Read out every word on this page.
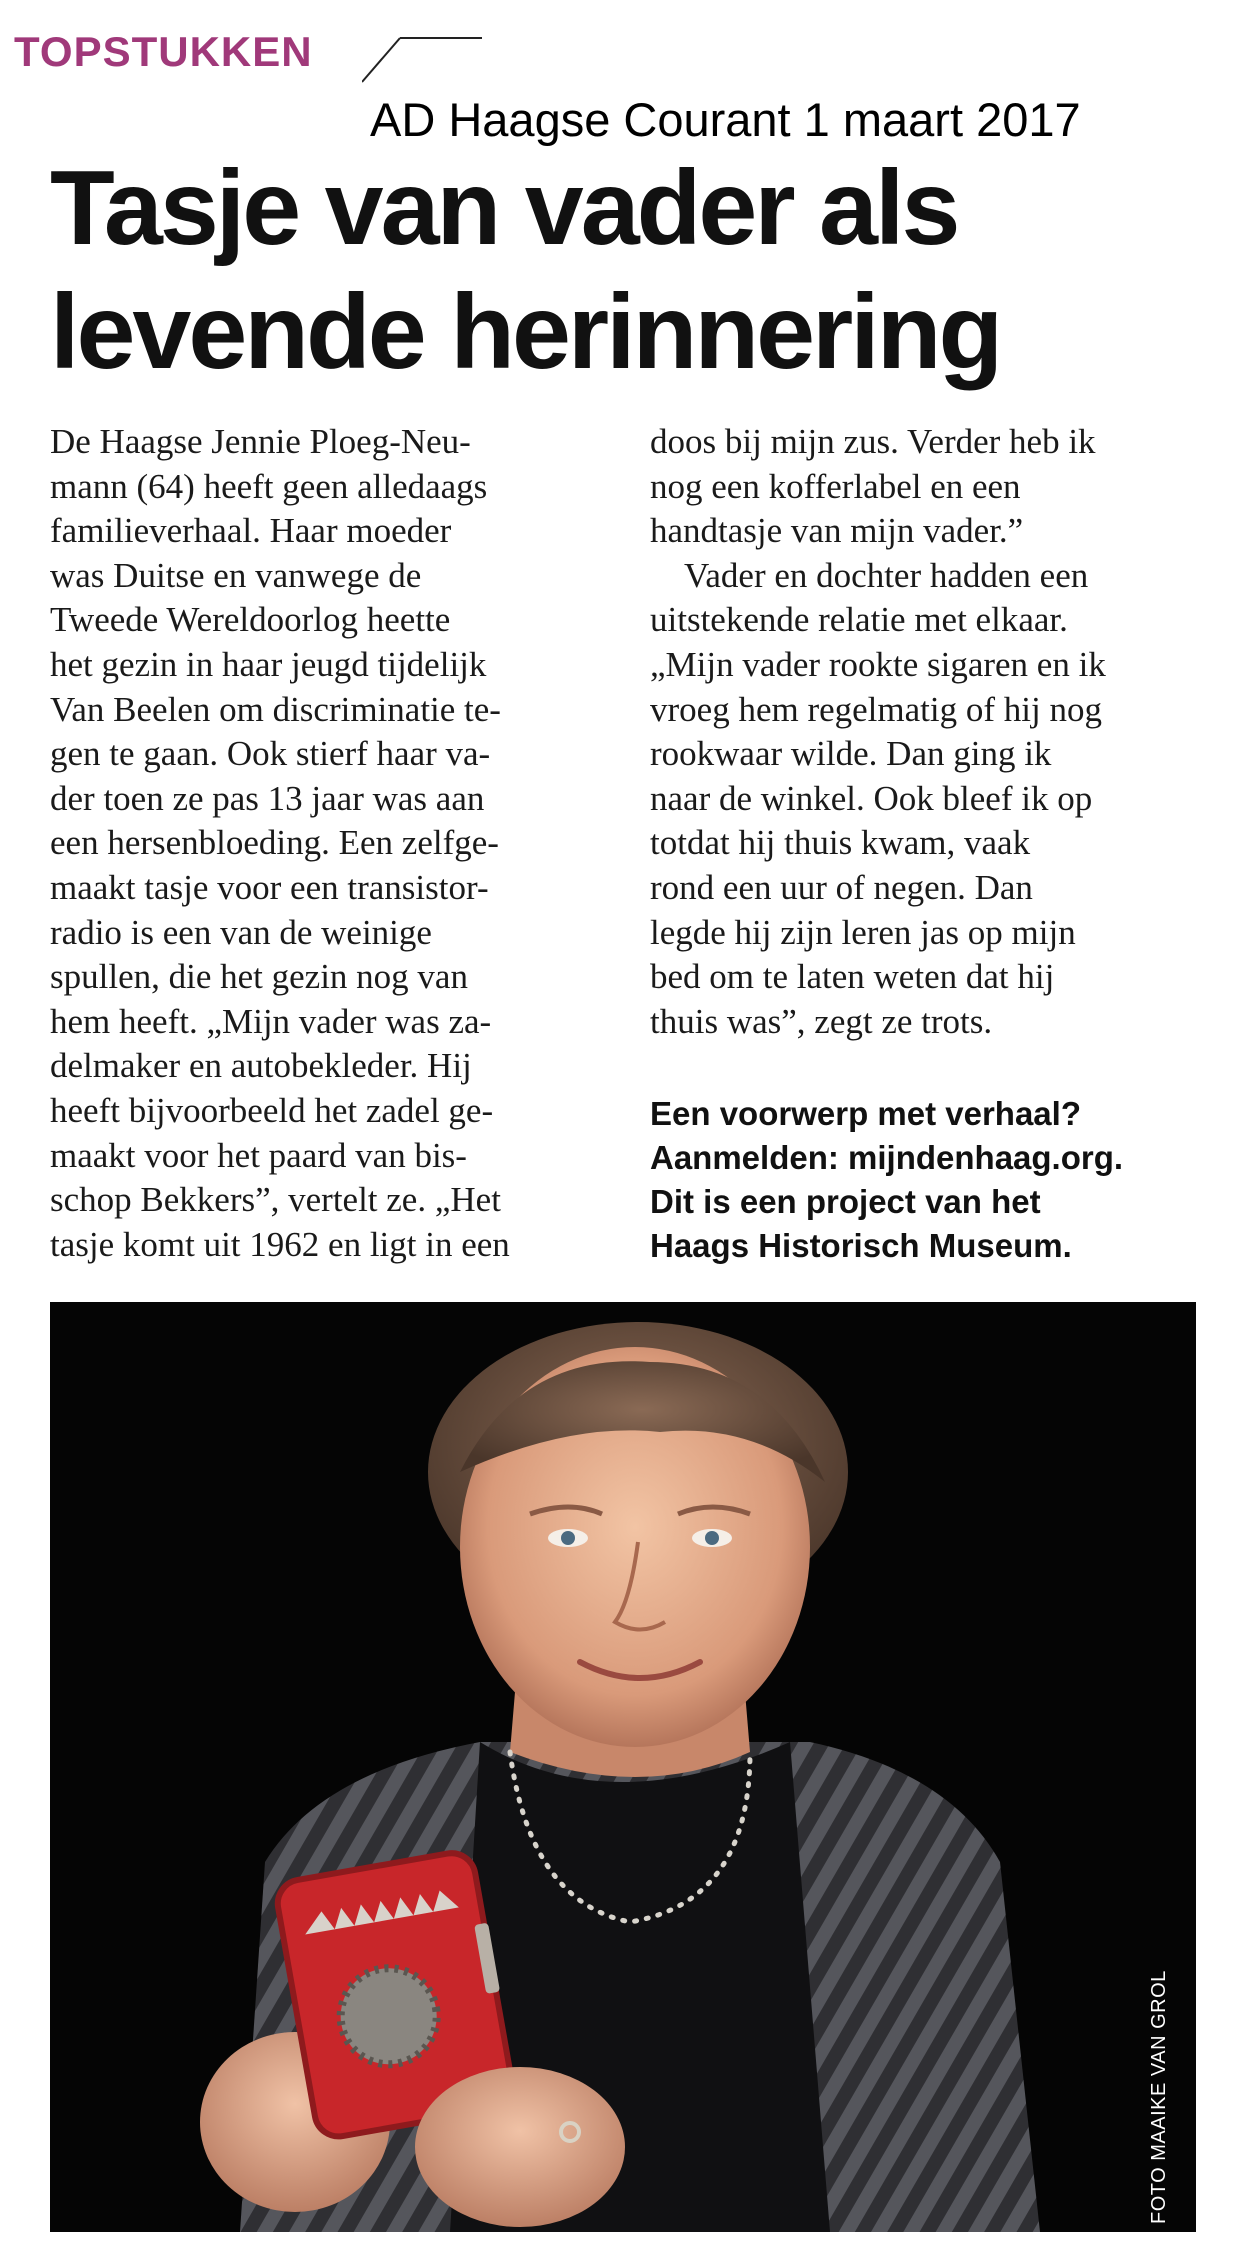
TOPSTUKKEN
AD Haagse Courant 1 maart 2017
Tasje van vader als
levende herinnering
De Haagse Jennie Ploeg-Neu-
mann (64) heeft geen alledaags
familieverhaal. Haar moeder
was Duitse en vanwege de
Tweede Wereldoorlog heette
het gezin in haar jeugd tijdelijk
Van Beelen om discriminatie te-
gen te gaan. Ook stierf haar va-
der toen ze pas 13 jaar was aan
een hersenbloeding. Een zelfge-
maakt tasje voor een transistor-
radio is een van de weinige
spullen, die het gezin nog van
hem heeft. „Mijn vader was za-
delmaker en autobekleder. Hij
heeft bijvoorbeeld het zadel ge-
maakt voor het paard van bis-
schop Bekkers”, vertelt ze. „Het
tasje komt uit 1962 en ligt in een
doos bij mijn zus. Verder heb ik
nog een kofferlabel en een
handtasje van mijn vader.”
Vader en dochter hadden een
uitstekende relatie met elkaar.
„Mijn vader rookte sigaren en ik
vroeg hem regelmatig of hij nog
rookwaar wilde. Dan ging ik
naar de winkel. Ook bleef ik op
totdat hij thuis kwam, vaak
rond een uur of negen. Dan
legde hij zijn leren jas op mijn
bed om te laten weten dat hij
thuis was”, zegt ze trots.
Een voorwerp met verhaal?
Aanmelden: mijndenhaag.org.
Dit is een project van het
Haags Historisch Museum.
FOTO MAAIKE VAN GROL
